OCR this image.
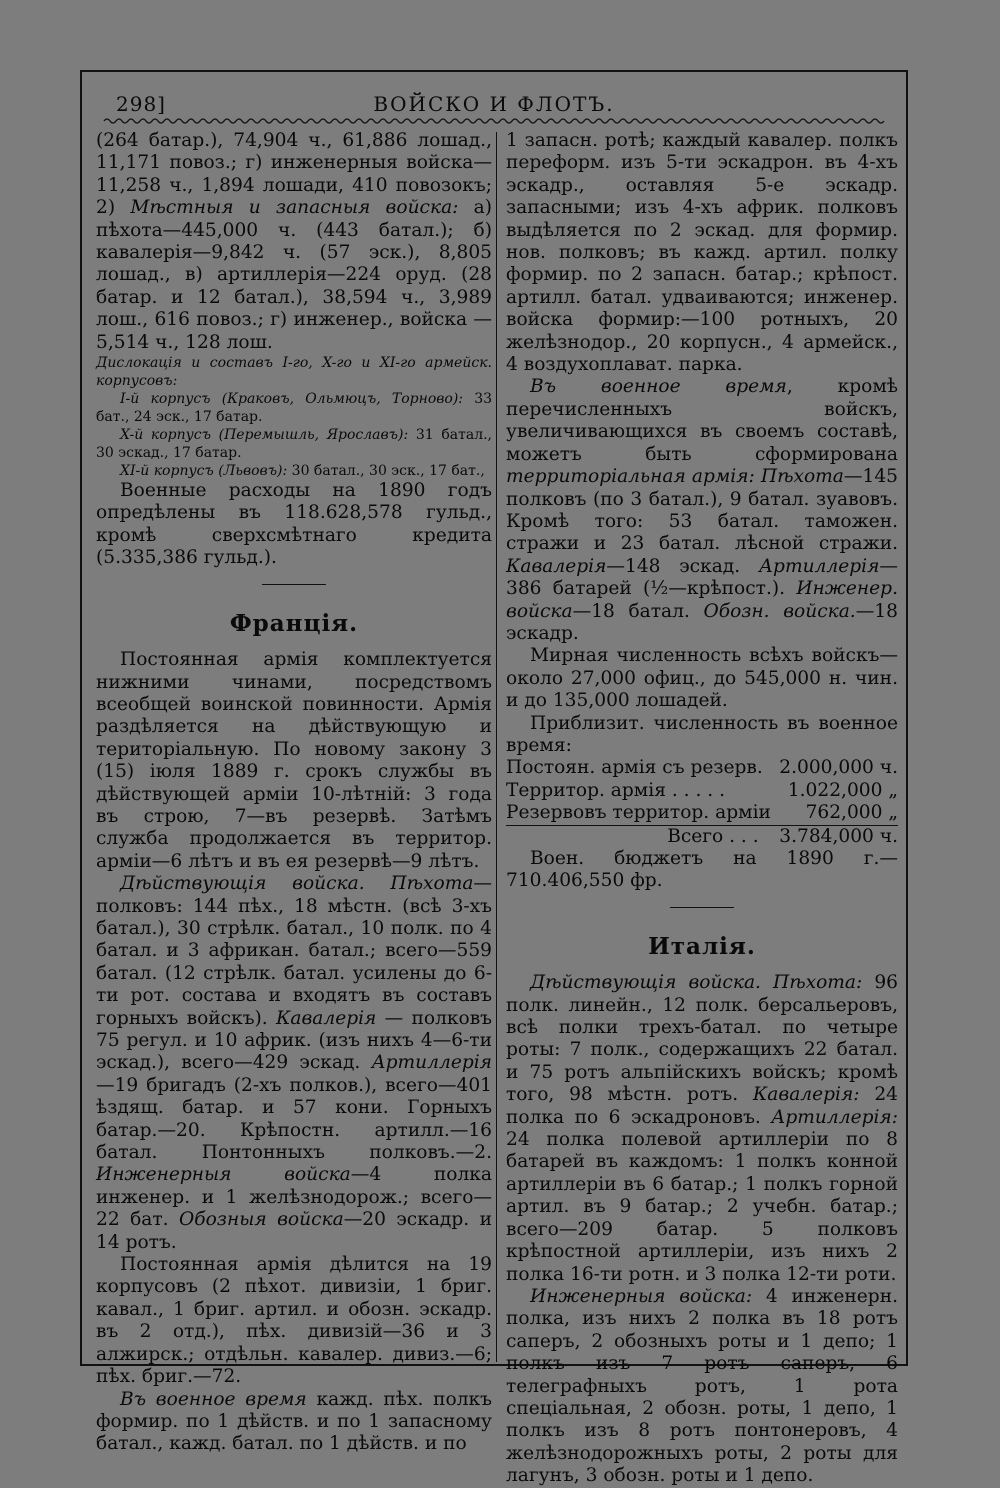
298]	ВОЙСКО И ФЛОТЪ.

(264 батар.), 74,904 ч., 61,886 лошад., 11,171 повоз.; г) инженерныя войска—11,258 ч., 1,894 лошади, 410 повозокъ; 2) Мѣстныя и запасныя войска: а) пѣхота—445,000 ч. (443 батал.); б) кавалерія—9,842 ч. (57 эск.), 8,805 лошад., в) артиллерія—224 оруд. (28 батар. и 12 батал.), 38,594 ч., 3,989 лош., 616 повоз.; г) инженер., войска — 5,514 ч., 128 лош.

Дислокація и составъ I-го, X-го и XI-го армейск. корпусовъ:

I-й корпусъ (Краковъ, Ольмюцъ, Торново): 33 бат., 24 эск., 17 батар.

X-й корпусъ (Перемышль, Ярославъ): 31 батал., 30 эскад., 17 батар.

XI-й корпусъ (Львовъ): 30 батал., 30 эск., 17 бат.,

Военные расходы на 1890 годъ опредѣлены въ 118.628,578 гульд., кромѣ сверхсмѣтнаго кредита (5.335,386 гульд.).

Франція.

Постоянная армія комплектуется нижними чинами, посредствомъ всеобщей воинской повинности. Армія раздѣляется на дѣйствующую и територіальную. По новому закону 3 (15) іюля 1889 г. срокъ службы въ дѣйствующей арміи 10-лѣтній: 3 года въ строю, 7—въ резервѣ. Затѣмъ служба продолжается въ территор. арміи—6 лѣтъ и въ ея резервѣ—9 лѣтъ.

Дѣйствующія войска. Пѣхота—полковъ: 144 пѣх., 18 мѣстн. (всѣ 3-хъ батал.), 30 стрѣлк. батал., 10 полк. по 4 батал. и 3 африкан. батал.; всего—559 батал. (12 стрѣлк. батал. усилены до 6-ти рот. состава и входятъ въ составъ горныхъ войскъ). Кавалерія — полковъ 75 регул. и 10 африк. (изъ нихъ 4—6-ти эскад.), всего—429 эскад. Артиллерія—19 бригадъ (2-хъ полков.), всего—401 ѣздящ. батар. и 57 кони. Горныхъ батар.—20. Крѣпостн. артилл.—16 батал. Понтонныхъ полковъ.—2. Инженерныя войска—4 полка инженер. и 1 желѣзнодорож.; всего—22 бат. Обозныя войска—20 эскадр. и 14 ротъ.

Постоянная армія дѣлится на 19 корпусовъ (2 пѣхот. дивизіи, 1 бриг. кавал., 1 бриг. артил. и обозн. эскадр. въ 2 отд.), пѣх. дивизій—36 и 3 алжирск.; отдѣльн. кавалер. дивиз.—6; пѣх. бриг.—72.

Въ военное время кажд. пѣх. полкъ формир. по 1 дѣйств. и по 1 запасному батал., кажд. батал. по 1 дѣйств. и по

1 запасн. ротѣ; каждый кавалер. полкъ переформ. изъ 5-ти эскадрон. въ 4-хъ эскадр., оставляя 5-е эскадр. запасными; изъ 4-хъ африк. полковъ выдѣляется по 2 эскад. для формир. нов. полковъ; въ кажд. артил. полку формир. по 2 запасн. батар.; крѣпост. артилл. батал. удваиваются; инженер. войска формир:—100 ротныхъ, 20 желѣзнодор., 20 корпусн., 4 армейск., 4 воздухоплават. парка.

Въ военное время, кромѣ перечисленныхъ войскъ, увеличивающихся въ своемъ составѣ, можетъ быть сформирована территоріальная армія: Пѣхота—145 полковъ (по 3 батал.), 9 батал. зуавовъ. Кромѣ того: 53 батал. таможен. стражи и 23 батал. лѣсной стражи. Кавалерія—148 эскад. Артиллерія—386 батарей (½—крѣпост.). Инженер. войска—18 батал. Обозн. войска.—18 эскадр.

Мирная численность всѣхъ войскъ—около 27,000 офиц., до 545,000 н. чин. и до 135,000 лошадей.

Приблизит. численность въ военное время:

Постоян. армія съ резерв.	2.000,000 ч.
Территор. армія . . . . .	1.022,000 „
Резервовъ территор. арміи	762,000 „
Всего . . .	3.784,000 ч.

Воен. бюджетъ на 1890 г.—710.406,550 фр.

Италія.

Дѣйствующія войска. Пѣхота: 96 полк. линейн., 12 полк. берсальеровъ, всѣ полки трехъ-батал. по четыре роты: 7 полк., содержащихъ 22 батал. и 75 ротъ альпійскихъ войскъ; кромѣ того, 98 мѣстн. ротъ. Кавалерія: 24 полка по 6 эскадроновъ. Артиллерія: 24 полка полевой артиллеріи по 8 батарей въ каждомъ: 1 полкъ конной артиллеріи въ 6 батар.; 1 полкъ горной артил. въ 9 батар.; 2 учебн. батар.; всего—209 батар. 5 полковъ крѣпостной артиллеріи, изъ нихъ 2 полка 16-ти ротн. и 3 полка 12-ти роти.

Инженерныя войска: 4 инженерн. полка, изъ нихъ 2 полка въ 18 ротъ саперъ, 2 обозныхъ роты и 1 депо; 1 полкъ изъ 7 ротъ саперъ, 6 телеграфныхъ ротъ, 1 рота спеціальная, 2 обозн. роты, 1 депо, 1 полкъ изъ 8 ротъ понтонеровъ, 4 желѣзнодорожныхъ роты, 2 роты для лагунъ, 3 обозн. роты и 1 депо.
